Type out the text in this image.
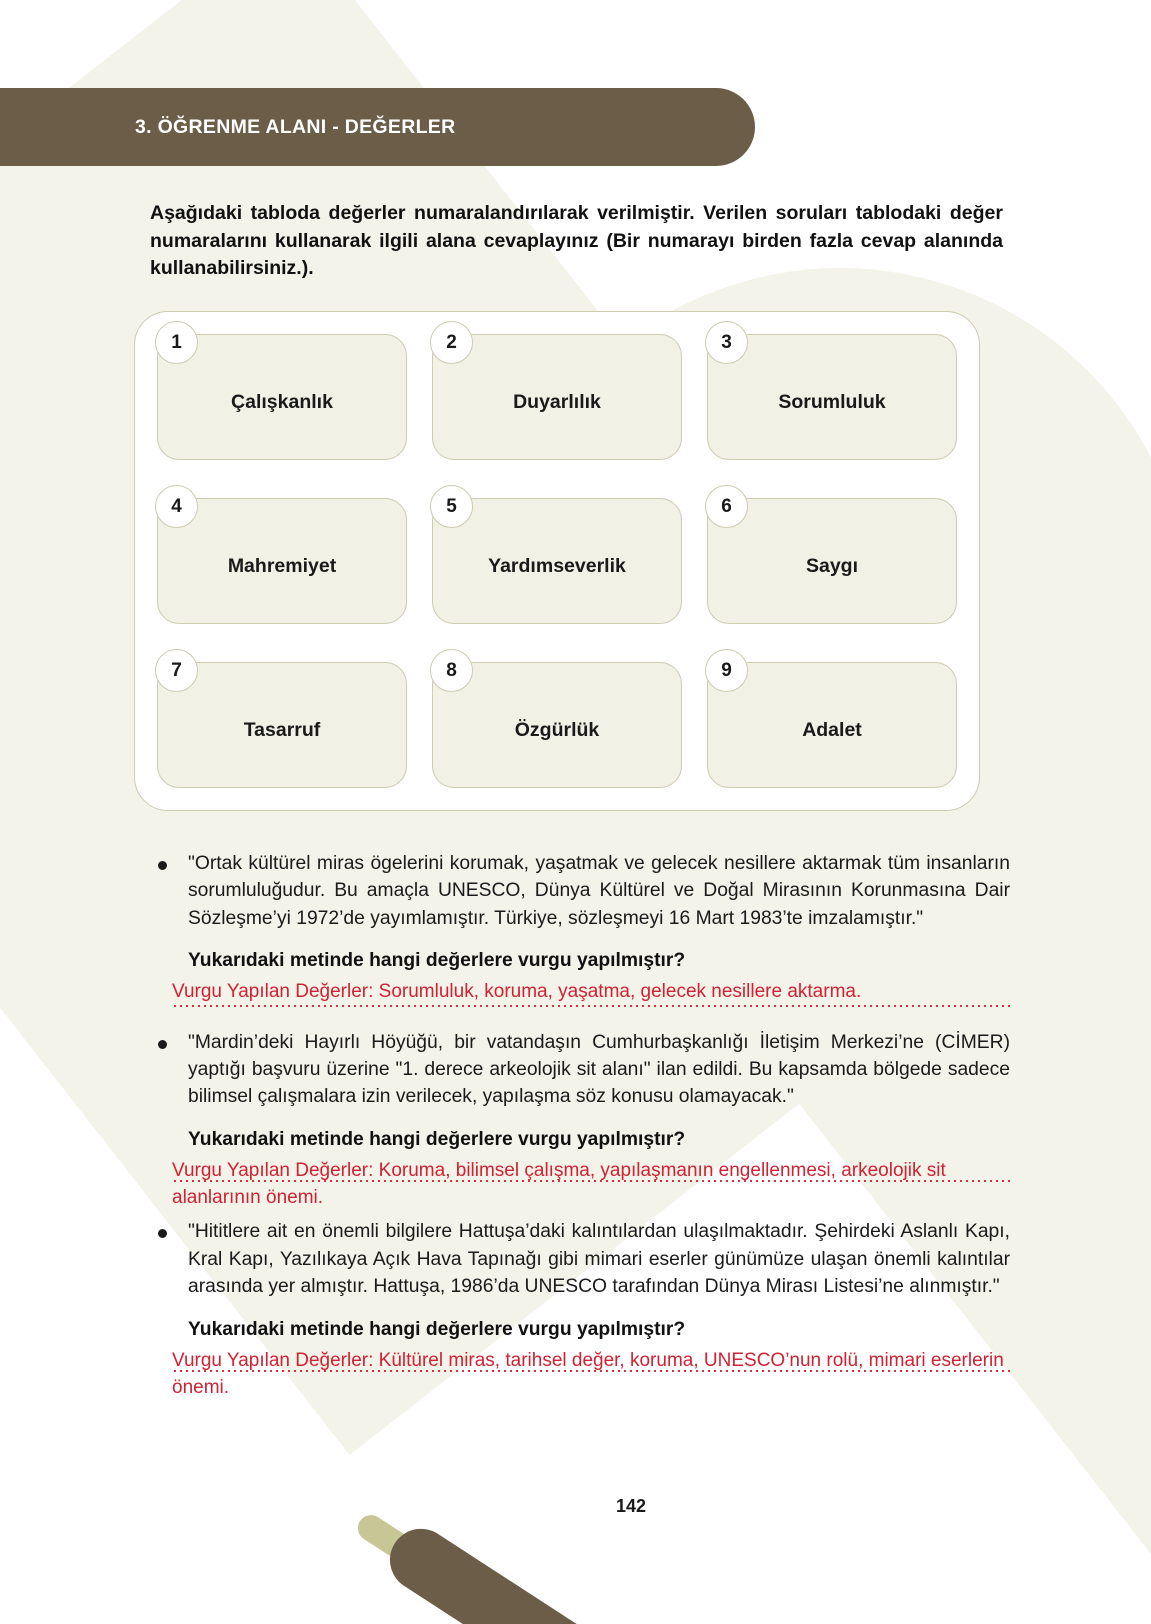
3. ÖĞRENME ALANI - DEĞERLER
Aşağıdaki tabloda değerler numaralandırılarak verilmiştir. Verilen soruları tablodaki değer numaralarını kullanarak ilgili alana cevaplayınız (Bir numarayı birden fazla cevap alanında kullanabilirsiniz.).
1
Çalışkanlık
2
Duyarlılık
3
Sorumluluk
4
Mahremiyet
5
Yardımseverlik
6
Saygı
7
Tasarruf
8
Özgürlük
9
Adalet
"Ortak kültürel miras ögelerini korumak, yaşatmak ve gelecek nesillere aktarmak tüm insanların sorumluluğudur. Bu amaçla UNESCO, Dünya Kültürel ve Doğal Mirasının Korunmasına Dair Sözleşme’yi 1972’de yayımlamıştır. Türkiye, sözleşmeyi 16 Mart 1983’te imzalamıştır."
Yukarıdaki metinde hangi değerlere vurgu yapılmıştır?
Vurgu Yapılan Değerler: Sorumluluk, koruma, yaşatma, gelecek nesillere aktarma.
"Mardin’deki Hayırlı Höyüğü, bir vatandaşın Cumhurbaşkanlığı İletişim Merkezi’ne (CİMER) yaptığı başvuru üzerine "1. derece arkeolojik sit alanı" ilan edildi. Bu kapsamda bölgede sadece bilimsel çalışmalara izin verilecek, yapılaşma söz konusu olamayacak."
Yukarıdaki metinde hangi değerlere vurgu yapılmıştır?
Vurgu Yapılan Değerler: Koruma, bilimsel çalışma, yapılaşmanın engellenmesi, arkeolojik sit alanlarının önemi.
"Hititlere ait en önemli bilgilere Hattuşa’daki kalıntılardan ulaşılmaktadır. Şehirdeki Aslanlı Kapı, Kral Kapı, Yazılıkaya Açık Hava Tapınağı gibi mimari eserler günümüze ulaşan önemli kalıntılar arasında yer almıştır. Hattuşa, 1986’da UNESCO tarafından Dünya Mirası Listesi’ne alınmıştır."
Yukarıdaki metinde hangi değerlere vurgu yapılmıştır?
Vurgu Yapılan Değerler: Kültürel miras, tarihsel değer, koruma, UNESCO’nun rolü, mimari eserlerin önemi.
142
